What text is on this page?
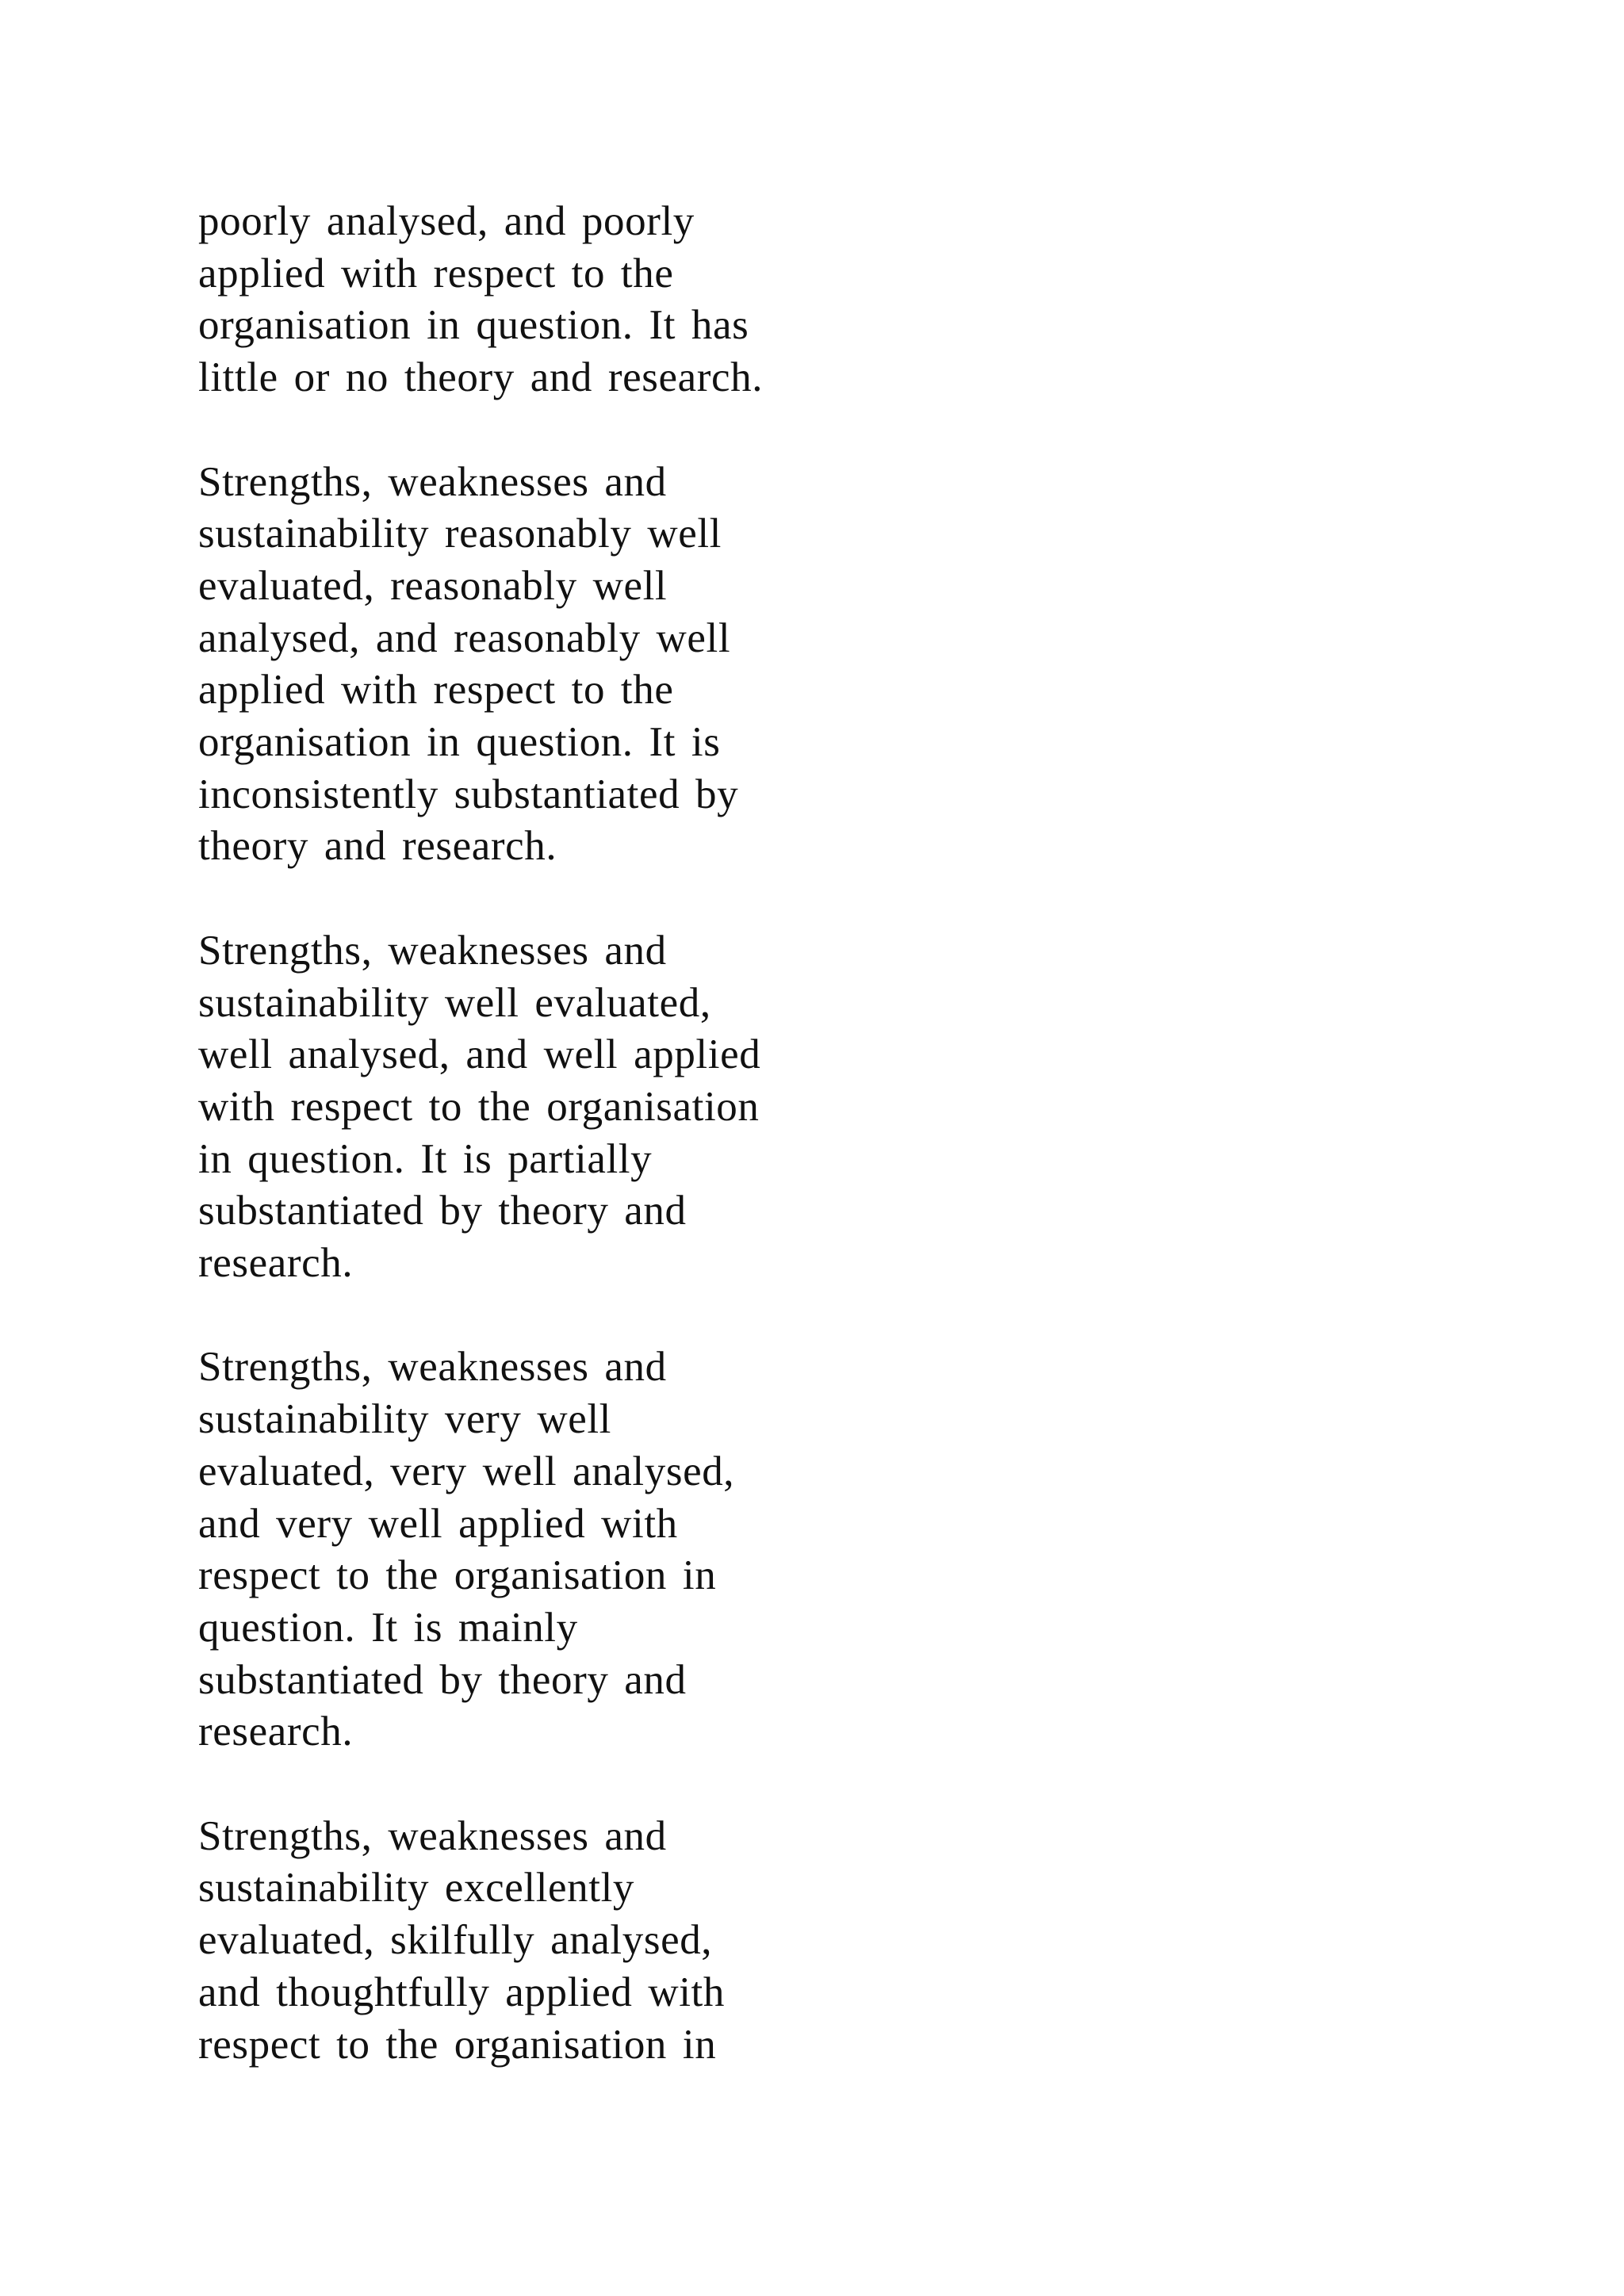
poorly analysed, and poorly
applied with respect to the
organisation in question. It has
little or no theory and research.

Strengths, weaknesses and
sustainability reasonably well
evaluated, reasonably well
analysed, and reasonably well
applied with respect to the
organisation in question. It is
inconsistently substantiated by
theory and research.

Strengths, weaknesses and
sustainability well evaluated,
well analysed, and well applied
with respect to the organisation
in question. It is partially
substantiated by theory and
research.

Strengths, weaknesses and
sustainability very well
evaluated, very well analysed,
and very well applied with
respect to the organisation in
question. It is mainly
substantiated by theory and
research.

Strengths, weaknesses and
sustainability excellently
evaluated, skilfully analysed,
and thoughtfully applied with
respect to the organisation in
